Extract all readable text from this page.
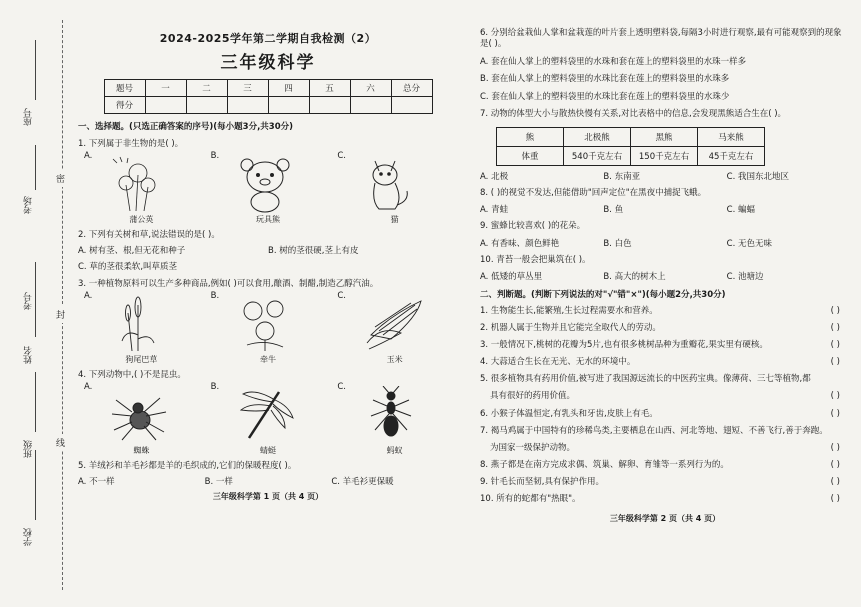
学校
班级
姓名
考号
考场
座号
密
封
线
2024-2025学年第二学期自我检测（2）
三年级科学
题号	一	二	三	四	五	六	总分
得分							
一、选择题。(只选正确答案的序号)(每小题3分,共30分)
1. 下列属于非生物的是( )。
A.
蒲公英
B.
玩具熊
C.
猫
2. 下列有关树和草,说法错误的是( )。
A. 树有茎、根,但无花和种子	B. 树的茎很硬,茎上有皮
C. 草的茎很柔软,叫草质茎
3. 一种植物原料可以生产多种商品,例如( )可以食用,酿酒、制醋,制造乙醇汽油。
A.
狗尾巴草
B.
牵牛
C.
玉米
4. 下列动物中,( )不是昆虫。
A.
蜘蛛
B.
蜻蜓
C.
蚂蚁
5. 羊绒衫和羊毛衫都是羊的毛织成的,它们的保暖程度( )。
A. 不一样	B. 一样	C. 羊毛衫更保暖
三年级科学第 1 页（共 4 页）
6. 分别给盆栽仙人掌和盆栽莲的叶片套上透明塑料袋,每隔3小时进行观察,最有可能观察到的现象是( )。
A. 套在仙人掌上的塑料袋里的水珠和套在莲上的塑料袋里的水珠一样多
B. 套在仙人掌上的塑料袋里的水珠比套在莲上的塑料袋里的水珠多
C. 套在仙人掌上的塑料袋里的水珠比套在莲上的塑料袋里的水珠少
7. 动物的体型大小与散热快慢有关系,对比表格中的信息,会发现黑熊适合生在( )。
熊	北极熊	黑熊	马来熊
体重	540千克左右	150千克左右	45千克左右
A. 北极	B. 东南亚	C. 我国东北地区
8. ( )的视觉不发达,但能借助"回声定位"在黑夜中捕捉飞蛾。
A. 青蛙	B. 鱼	C. 蝙蝠
9. 蜜蜂比较喜欢( )的花朵。
A. 有香味、颜色鲜艳	B. 白色	C. 无色无味
10. 青苔一般会把巢筑在( )。
A. 低矮的草丛里	B. 高大的树木上	C. 池塘边
二、判断题。(判断下列说法的对"√"错"×")(每小题2分,共30分)
( )
1. 生物能生长,能繁殖,生长过程需要水和营养。
( )
2. 机器人属于生物并且它能完全取代人的劳动。
( )
3. 一般情况下,桃树的花瓣为5片,也有很多桃树品种为重瓣花,果实里有硬核。
( )
4. 大蒜适合生长在无光、无水的环境中。
5. 很多植物具有药用价值,被写进了我国源远流长的中医药宝典。像薄荷、三七等植物,都
( )
具有很好的药用价值。
( )
6. 小猴子体温恒定,有乳头和牙齿,皮肤上有毛。
7. 褐马鸡属于中国特有的珍稀鸟类,主要栖息在山西、河北等地、翅短、不善飞行,善于奔跑。
( )
为国家一级保护动物。
( )
8. 燕子都是在南方完成求偶、筑巢、解卵、育雏等一系列行为的。
( )
9. 针毛长而坚韧,具有保护作用。
( )
10. 所有的蛇都有"热眼"。
三年级科学第 2 页（共 4 页）
